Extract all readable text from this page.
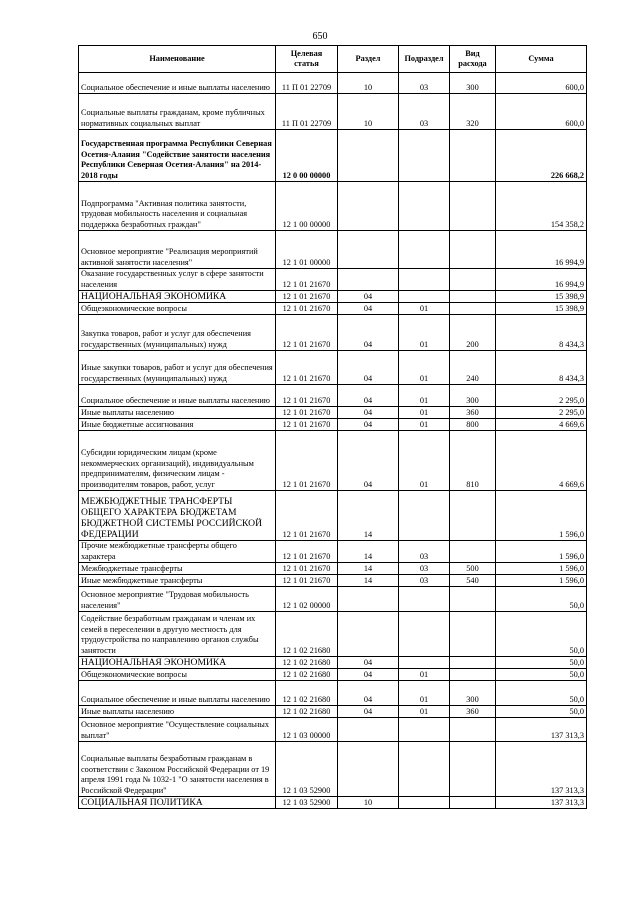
650
Наименование	Целевая статья	Раздел	Подраздел	Вид расхода	Сумма
Социальное обеспечение и иные выплаты населению	11 П 01 22709	10	03	300	600,0
Социальные выплаты гражданам, кроме публичных нормативных социальных выплат	11 П 01 22709	10	03	320	600,0
Государственная программа Республики Северная Осетия-Алания "Содействие занятости населения Республики Северная Осетия-Алания" на 2014-2018 годы	12 0 00 00000				226 668,2
Подпрограмма "Активная политика занятости, трудовая мобильность населения и социальная поддержка безработных граждан"	12 1 00 00000				154 358,2
Основное мероприятие "Реализация мероприятий активной занятости населения"	12 1 01 00000				16 994,9
Оказание государственных услуг в сфере занятости населения	12 1 01 21670				16 994,9
НАЦИОНАЛЬНАЯ ЭКОНОМИКА	12 1 01 21670	04			15 398,9
Общеэкономические вопросы	12 1 01 21670	04	01		15 398,9
Закупка товаров, работ и услуг для обеспечения государственных (муниципальных) нужд	12 1 01 21670	04	01	200	8 434,3
Иные закупки товаров, работ и услуг для обеспечения государственных (муниципальных) нужд	12 1 01 21670	04	01	240	8 434,3
Социальное обеспечение и иные выплаты населению	12 1 01 21670	04	01	300	2 295,0
Иные выплаты населению	12 1 01 21670	04	01	360	2 295,0
Иные бюджетные ассигнования	12 1 01 21670	04	01	800	4 669,6
Субсидии юридическим лицам (кроме некоммерческих организаций), индивидуальным предпринимателям, физическим лицам - производителям товаров, работ, услуг	12 1 01 21670	04	01	810	4 669,6
МЕЖБЮДЖЕТНЫЕ ТРАНСФЕРТЫ ОБЩЕГО ХАРАКТЕРА БЮДЖЕТАМ БЮДЖЕТНОЙ СИСТЕМЫ РОССИЙСКОЙ ФЕДЕРАЦИИ	12 1 01 21670	14			1 596,0
Прочие межбюджетные трансферты общего характера	12 1 01 21670	14	03		1 596,0
Межбюджетные трансферты	12 1 01 21670	14	03	500	1 596,0
Иные межбюджетные трансферты	12 1 01 21670	14	03	540	1 596,0
Основное мероприятие "Трудовая мобильность населения"	12 1 02 00000				50,0
Содействие безработным гражданам и членам их семей в переселении в другую местность для трудоустройства по направлению органов службы занятости	12 1 02 21680				50,0
НАЦИОНАЛЬНАЯ ЭКОНОМИКА	12 1 02 21680	04			50,0
Общеэкономические вопросы	12 1 02 21680	04	01		50,0
Социальное обеспечение и иные выплаты населению	12 1 02 21680	04	01	300	50,0
Иные выплаты населению	12 1 02 21680	04	01	360	50,0
Основное мероприятие "Осуществление социальных выплат"	12 1 03 00000				137 313,3
Социальные выплаты безработным гражданам в соответствии с Законом Российской Федерации от 19 апреля 1991 года № 1032-1 "О занятости населения в Российской Федерации"	12 1 03 52900				137 313,3
СОЦИАЛЬНАЯ ПОЛИТИКА	12 1 03 52900	10			137 313,3
